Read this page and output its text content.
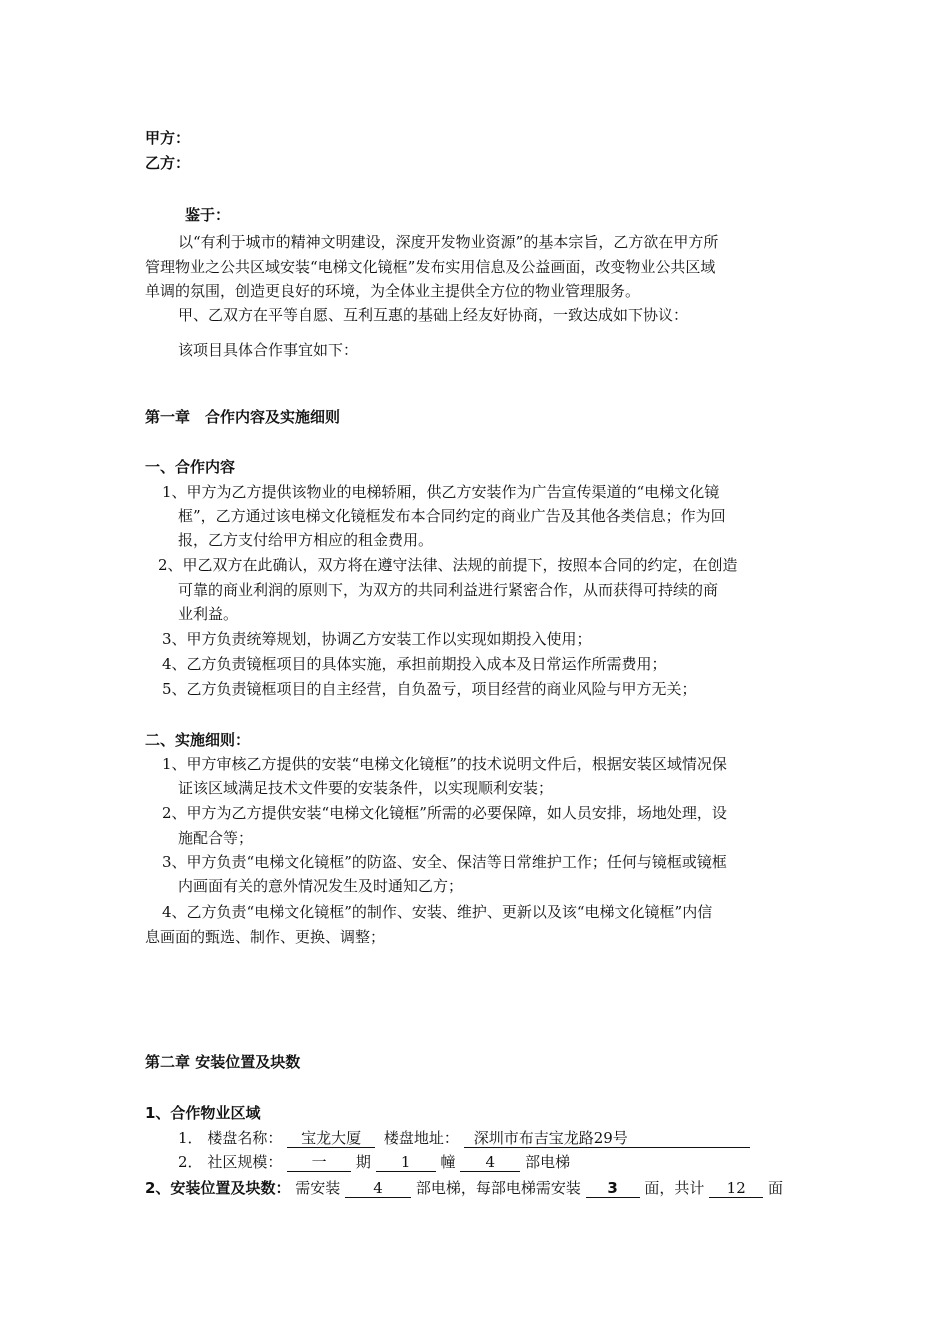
甲方：
乙方：
鉴于：
以“有利于城市的精神文明建设，深度开发物业资源”的基本宗旨，乙方欲在甲方所
管理物业之公共区域安装“电梯文化镜框”发布实用信息及公益画面，改变物业公共区域
单调的氛围，创造更良好的环境，为全体业主提供全方位的物业管理服务。
甲、乙双方在平等自愿、互利互惠的基础上经友好协商，一致达成如下协议：
该项目具体合作事宜如下：
第一章　合作内容及实施细则
一、合作内容
1、甲方为乙方提供该物业的电梯轿厢，供乙方安装作为广告宣传渠道的“电梯文化镜
框”，乙方通过该电梯文化镜框发布本合同约定的商业广告及其他各类信息；作为回
报，乙方支付给甲方相应的租金费用。
2、甲乙双方在此确认，双方将在遵守法律、法规的前提下，按照本合同的约定，在创造
可靠的商业利润的原则下，为双方的共同利益进行紧密合作，从而获得可持续的商
业利益。
3、甲方负责统筹规划，协调乙方安装工作以实现如期投入使用；
4、乙方负责镜框项目的具体实施，承担前期投入成本及日常运作所需费用；
5、乙方负责镜框项目的自主经营，自负盈亏，项目经营的商业风险与甲方无关；
二、实施细则：
1、甲方审核乙方提供的安装“电梯文化镜框”的技术说明文件后，根据安装区域情况保
证该区域满足技术文件要的安装条件，以实现顺利安装；
2、甲方为乙方提供安装“电梯文化镜框”所需的必要保障，如人员安排，场地处理，设
施配合等；
3、甲方负责“电梯文化镜框”的防盗、安全、保洁等日常维护工作；任何与镜框或镜框
内画面有关的意外情况发生及时通知乙方；
4、乙方负责“电梯文化镜框”的制作、安装、维护、更新以及该“电梯文化镜框”内信
息画面的甄选、制作、更换、调整；
第二章 安装位置及块数
1、合作物业区域
1． 楼盘名称： 宝龙大厦 楼盘地址： 深圳市布吉宝龙路29号
2． 社区规模： 一 期 1 幢 4 部电梯
2、安装位置及块数： 需安装 4 部电梯，每部电梯需安装 3 面，共计 12 面
